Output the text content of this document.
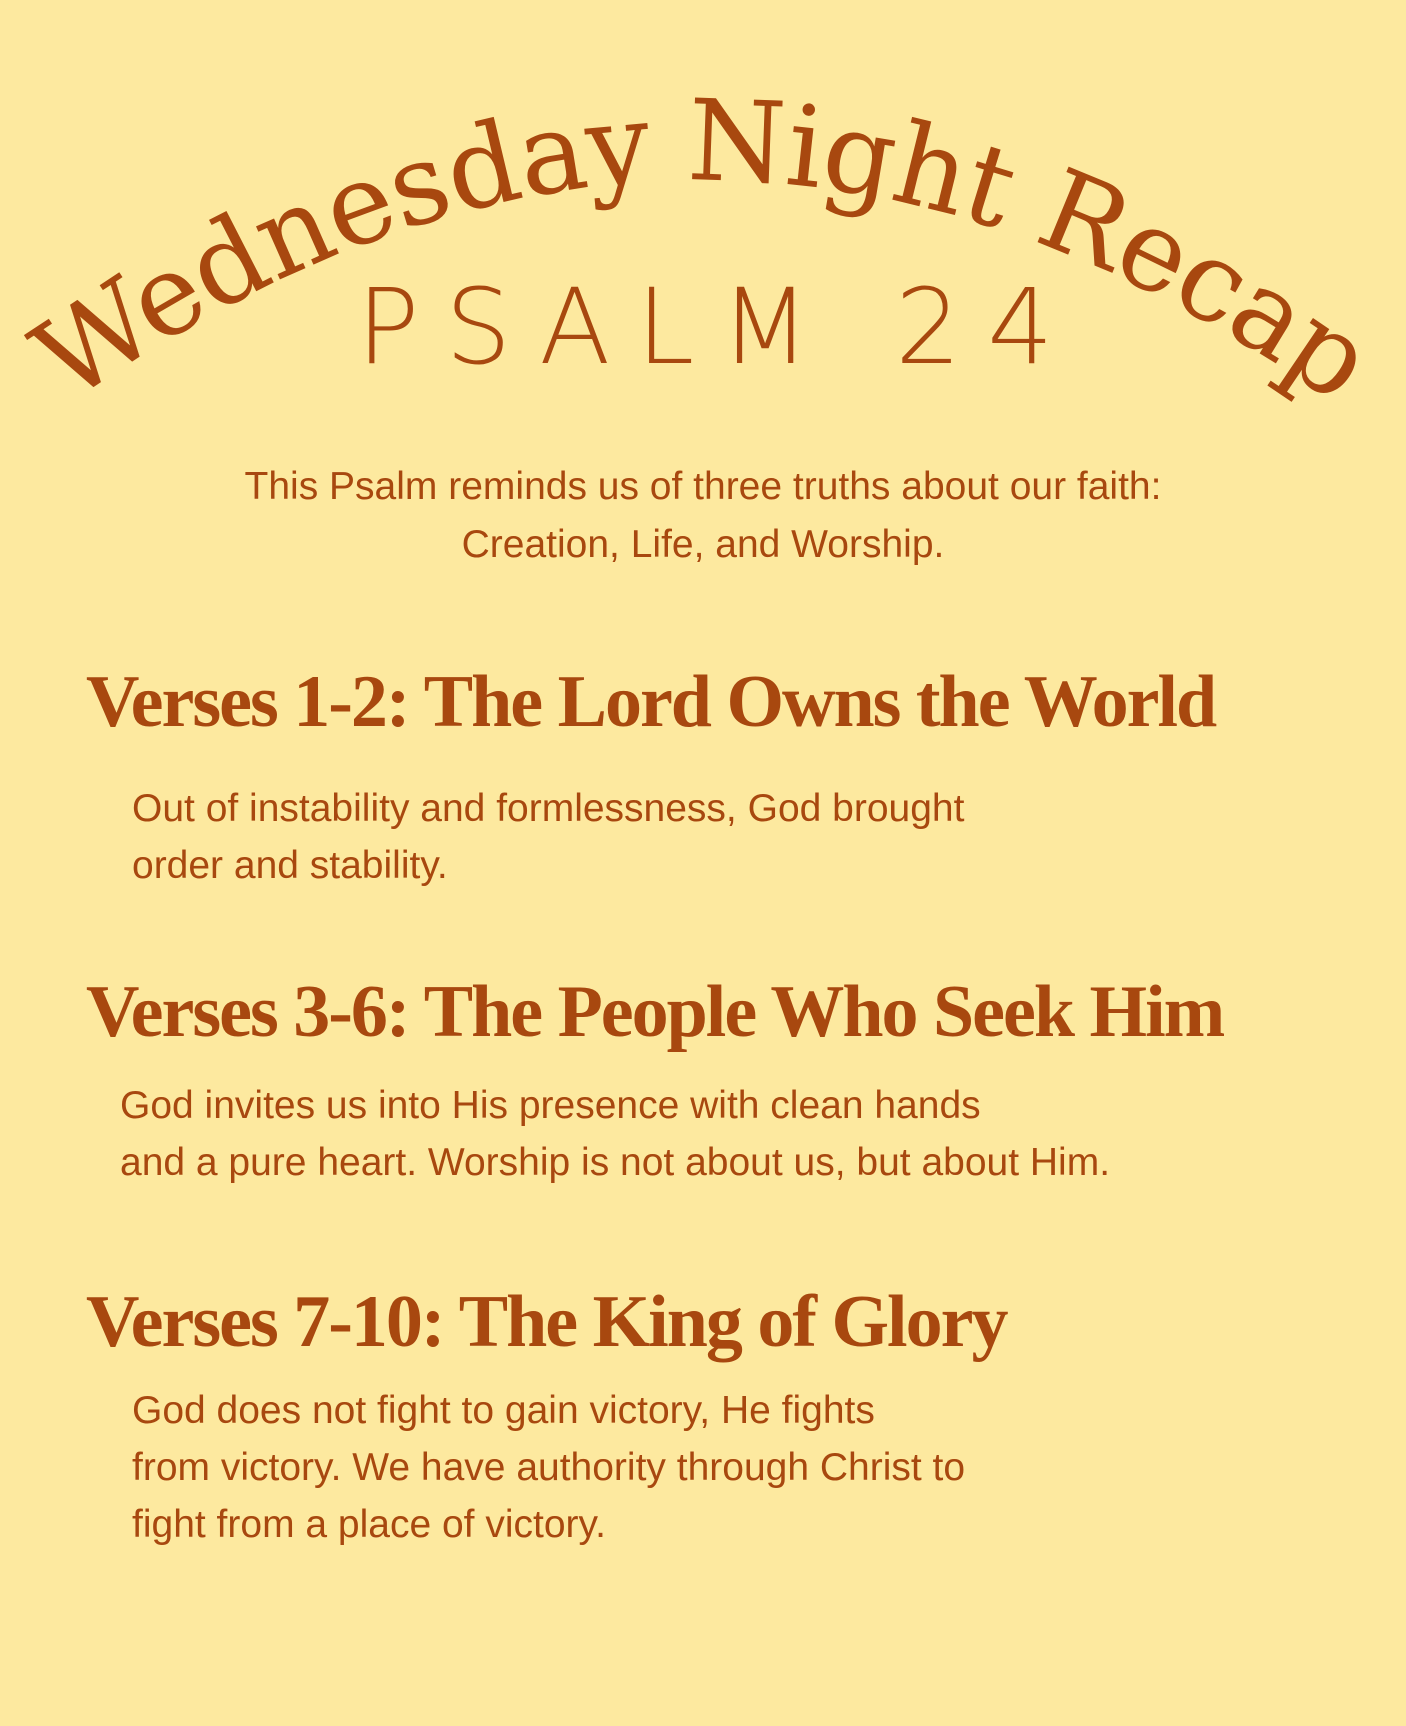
Wednesday Night Recap
PSALM 24

This Psalm reminds us of three truths about our faith:
Creation, Life, and Worship.

Verses 1-2: The Lord Owns the World

Out of instability and formlessness, God brought
order and stability.

Verses 3-6: The People Who Seek Him

God invites us into His presence with clean hands
and a pure heart. Worship is not about us, but about Him.

Verses 7-10: The King of Glory

God does not fight to gain victory, He fights
from victory. We have authority through Christ to
fight from a place of victory.
